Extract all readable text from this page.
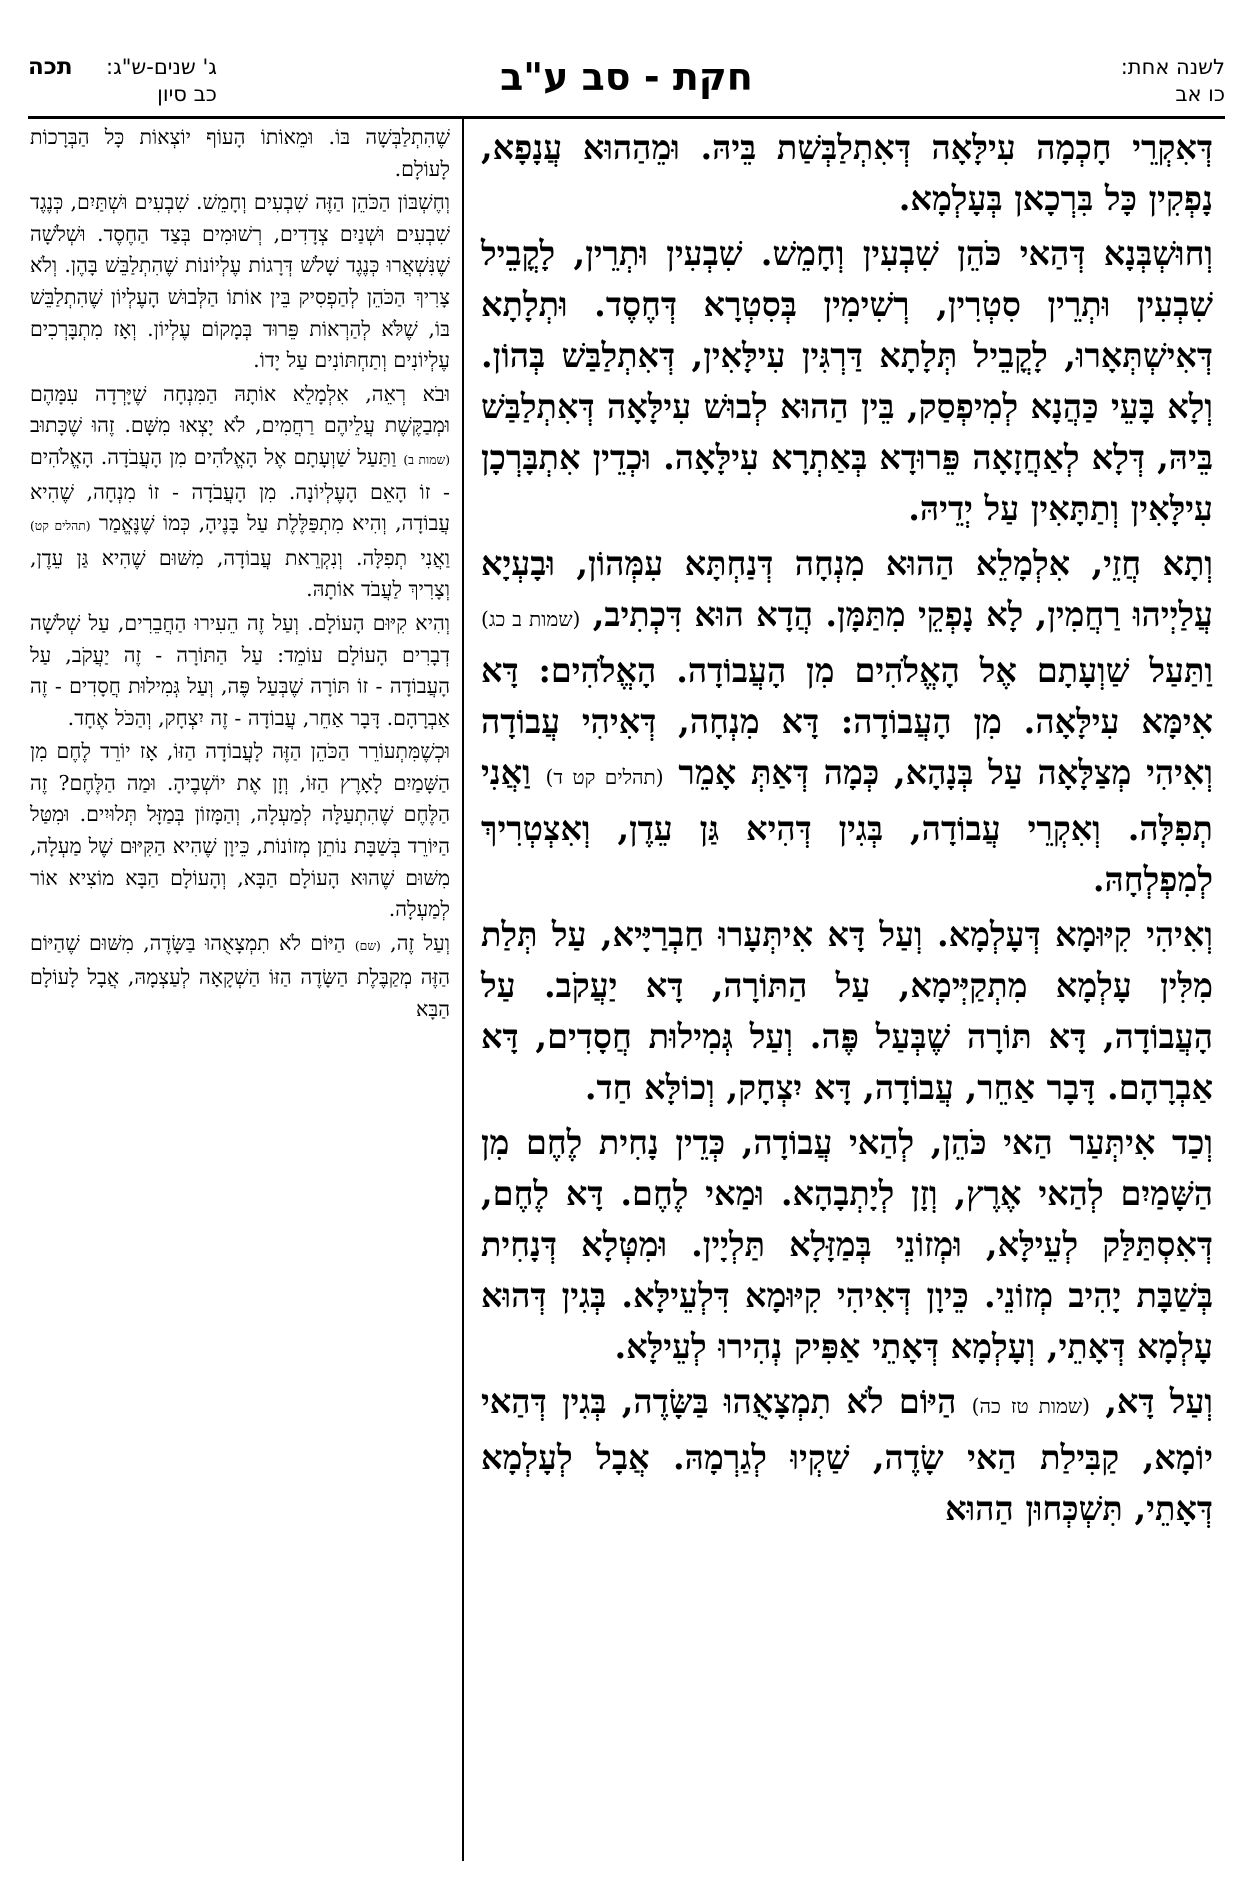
לשנה אחת:
כו אב
חקת - סב ע"ב
ג' שנים-ש"ג:
כב סיון
תכה

דְּאִקְרֵי חָכְמָה עִילָּאָה דְּאִתְלַבְּשַׁת בֵּיהּ. וּמֵהַהוּא עֲנָפָא, נָפְקִין כָּל בִּרְכָאן בְּעָלְמָא.

וְחוּשְׁבְּנָא דְּהַאי כֹּהֵן שִׁבְעִין וְחָמֵשׁ. שִׁבְעִין וּתְרֵין, לָקֳבֵיל שִׁבְעִין וּתְרֵין סִטְרִין, רְשִׁימִין בְּסִטְרָא דְּחֶסֶד. וּתְלָתָא דְּאִישְׁתְּאָרוּ, לָקֳבֵיל תְּלָתָא דַּרְגִּין עִילָּאִין, דְּאִתְלַבַּשׁ בְּהוֹן. וְלָא בָּעֵי כַּהֲנָא לְמִיפְסַק, בֵּין הַהוּא לְבוּשׁ עִילָּאָה דְּאִתְלַבַּשׁ בֵּיהּ, דְּלָא לְאַחֲזָאָה פֵּרוּדָא בְּאַתְרָא עִילָּאָה. וּכְדֵין אִתְבָּרְכָן עִילָּאִין וְתַתָּאִין עַל יְדֵיהּ.

וְתָא חֲזֵי, אִלְמָלֵא הַהוּא מִנְחָה דְּנַחְתָּא עִמְּהוֹן, וּבָעְיָא עֲלַיְיהוּ רַחֲמִין, לָא נָפְקֵי מִתַּמָּן. הֲדָא הוּא דִּכְתִיב, (שמות ב כג) וַתַּעַל שַׁוְעָתָם אֶל הָאֱלֹהִים מִן הָעֲבוֹדָה. הָאֱלֹהִים: דָּא אִימָּא עִילָּאָה. מִן הָעֲבוֹדָה: דָּא מִנְחָה, דְּאִיהִי עֲבוֹדָה וְאִיהִי מְצַלָּאָה עַל בְּנָהָא, כְּמָה דְּאַתְּ אָמֵר (תהלים קט ד) וַאֲנִי תְפִלָּה. וְאִקְרֵי עֲבוֹדָה, בְּגִין דְּהִיא גַּן עֵדֶן, וְאִצְטְרִיךְ לְמִפְלְחָהּ.

וְאִיהִי קִיּוּמָא דְּעָלְמָא. וְעַל דָּא אִיתְּעָרוּ חַבְרַיָּיא, עַל תְּלַת מִלִּין עָלְמָא מִתְקַיְּימָא, עַל הַתּוֹרָה, דָּא יַעֲקֹב. עַל הָעֲבוֹדָה, דָּא תּוֹרָה שֶׁבְּעַל פֶּה. וְעַל גְּמִילוּת חֲסָדִים, דָּא אַבְרָהָם. דָּבָר אַחֵר, עֲבוֹדָה, דָּא יִצְחָק, וְכוֹלָּא חַד.

וְכַד אִיתְּעַר הַאי כֹּהֵן, לְהַאי עֲבוֹדָה, כְּדֵין נָחִית לֶחֶם מִן הַשָּׁמַיִם לְהַאי אֶרֶץ, וְזָן לְיָתְבָהָא. וּמַאי לֶחֶם. דָּא לֶחֶם, דְּאִסְתַּלַּק לְעֵילָּא, וּמְזוֹנֵי בְּמַזָּלָא תַּלְיָין. וּמִטְּלָא דְּנָחִית בְּשַׁבָּת יָהִיב מְזוֹנֵי. כֵּיוָן דְּאִיהִי קִיּוּמָא דִּלְעֵילָּא. בְּגִין דְּהוּא עָלְמָא דְּאָתֵי, וְעָלְמָא דְּאָתֵי אַפִּיק נְהִירוּ לְעֵילָּא.

וְעַל דָּא, (שמות טז כה) הַיּוֹם לֹא תִמְצָאֻהוּ בַּשָּׂדֶה, בְּגִין דְּהַאי יוֹמָא, קַבִּילַת הַאי שָׂדֶה, שַׁקְיוּ לְגַרְמָהּ. אֲבָל לְעָלְמָא דְּאָתֵי, תִּשְׁכְּחוּן הַהוּא

שֶׁהִתְלַבְּשָׁה בּוֹ. וּמֵאוֹתוֹ הָעוֹף יוֹצְאוֹת כָּל הַבְּרָכוֹת לָעוֹלָם.

וְחֶשְׁבּוֹן הַכֹּהֵן הַזֶּה שִׁבְעִים וְחָמֵשׁ. שִׁבְעִים וּשְׁתַּיִם, כְּנֶגֶד שִׁבְעִים וּשְׁנַיִם צְדָדִים, רְשׁוּמִים בְּצַד הַחֶסֶד. וּשְׁלֹשָׁה שֶׁנִּשְׁאֲרוּ כְּנֶגֶד שָׁלֹשׁ דְּרָגוֹת עֶלְיוֹנוֹת שֶׁהִתְלַבֵּשׁ בָּהֶן. וְלֹא צָרִיךְ הַכֹּהֵן לְהַפְסִיק בֵּין אוֹתוֹ הַלְּבוּשׁ הָעֶלְיוֹן שֶׁהִתְלַבֵּשׁ בּוֹ, שֶׁלֹּא לְהַרְאוֹת פֵּרוּד בְּמָקוֹם עֶלְיוֹן. וְאָז מִתְבָּרְכִים עֶלְיוֹנִים וְתַחְתּוֹנִים עַל יָדוֹ.

וּבֹא רְאֵה, אִלְמָלֵא אוֹתָהּ הַמִּנְחָה שֶׁיָּרְדָה עִמָּהֶם וּמְבַקֶּשֶׁת עֲלֵיהֶם רַחֲמִים, לֹא יָצְאוּ מִשָּׁם. זֶהוּ שֶׁכָּתוּב (שמות ב) וַתַּעַל שַׁוְעָתָם אֶל הָאֱלֹהִים מִן הָעֲבֹדָה. הָאֱלֹהִים - זוֹ הָאֵם הָעֶלְיוֹנָה. מִן הָעֲבֹדָה - זוֹ מִנְחָה, שֶׁהִיא עֲבוֹדָה, וְהִיא מִתְפַּלֶּלֶת עַל בָּנֶיהָ, כְּמוֹ שֶׁנֶּאֱמַר (תהלים קט) וַאֲנִי תְפִלָּה. וְנִקְרֵאת עֲבוֹדָה, מִשּׁוּם שֶׁהִיא גַּן עֵדֶן, וְצָרִיךְ לַעֲבֹד אוֹתָהּ.

וְהִיא קִיּוּם הָעוֹלָם. וְעַל זֶה הֵעִירוּ הַחֲבֵרִים, עַל שְׁלֹשָׁה דְבָרִים הָעוֹלָם עוֹמֵד: עַל הַתּוֹרָה - זֶה יַעֲקֹב, עַל הָעֲבוֹדָה - זוֹ תּוֹרָה שֶׁבְּעַל פֶּה, וְעַל גְּמִילוּת חֲסָדִים - זֶה אַבְרָהָם. דָּבָר אַחֵר, עֲבוֹדָה - זֶה יִצְחָק, וְהַכֹּל אֶחָד.

וּכְשֶׁמִּתְעוֹרֵר הַכֹּהֵן הַזֶּה לָעֲבוֹדָה הַזּוֹ, אָז יוֹרֵד לֶחֶם מִן הַשָּׁמַיִם לָאָרֶץ הַזּוֹ, וְזָן אֶת יוֹשְׁבֶיהָ. וּמַה הַלֶּחֶם? זֶה הַלֶּחֶם שֶׁהִתְעַלָּה לְמַעְלָה, וְהַמָּזוֹן בְּמַזָּל תְּלוּיִים. וּמִטַּל הַיּוֹרֵד בְּשַׁבָּת נוֹתֵן מְזוֹנוֹת, כֵּיוָן שֶׁהִיא הַקִּיּוּם שֶׁל מַעְלָה, מִשּׁוּם שֶׁהוּא הָעוֹלָם הַבָּא, וְהָעוֹלָם הַבָּא מוֹצִיא אוֹר לְמַעְלָה.

וְעַל זֶה, (שם) הַיּוֹם לֹא תִמְצָאֻהוּ בַּשָּׂדֶה, מִשּׁוּם שֶׁהַיּוֹם הַזֶּה מְקַבֶּלֶת הַשָּׂדֶה הַזּוֹ הַשְׁקָאָה לְעַצְמָהּ, אֲבָל לָעוֹלָם הַבָּא
